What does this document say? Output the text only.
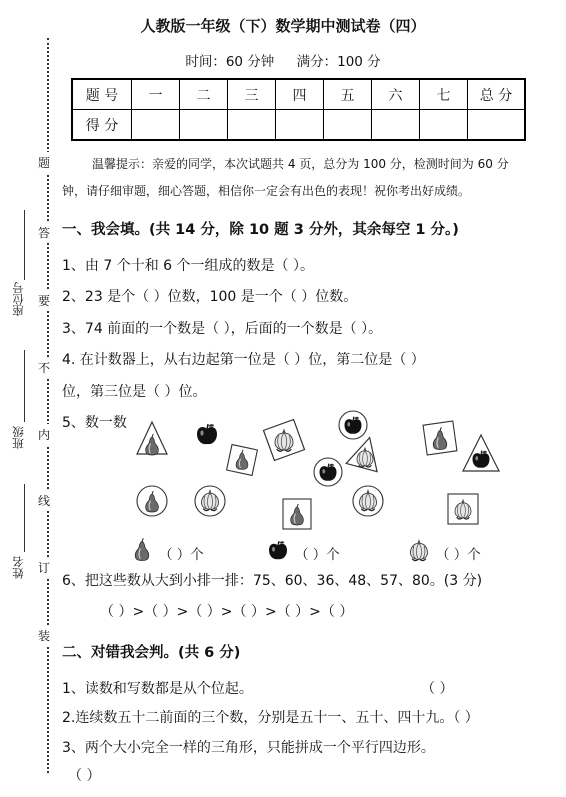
题
答
要
不
内
线
订
装
座位号
班级
姓名
人教版一年级（下）数学期中测试卷（四）
时间：60 分钟 满分：100 分
题 号	一	二	三	四	五	六	七	总 分
得 分								
温馨提示：亲爱的同学，本次试题共 4 页，总分为 100 分，检测时间为 60 分钟，请仔细审题，细心答题，相信你一定会有出色的表现！祝你考出好成绩。
一、我会填。(共 14 分，除 10 题 3 分外，其余每空 1 分。)
1、由 7 个十和 6 个一组成的数是（ ）。
2、23 是个（ ）位数，100 是一个（ ）位数。
3、74 前面的一个数是（ ），后面的一个数是（ ）。
4. 在计数器上，从右边起第一位是（ ）位，第二位是（ ）
位，第三位是（ ）位。
5、数一数
（ ）个	（ ）个	（ ）个
6、把这些数从大到小排一排：75、60、36、48、57、80。(3 分)
（ ）>（ ）>（ ）>（ ）>（ ）>（ ）
二、对错我会判。(共 6 分)
1、读数和写数都是从个位起。	（ ）
2.连续数五十二前面的三个数，分别是五十一、五十、四十九。（ ）
3、两个大小完全一样的三角形，只能拼成一个平行四边形。
（ ）
